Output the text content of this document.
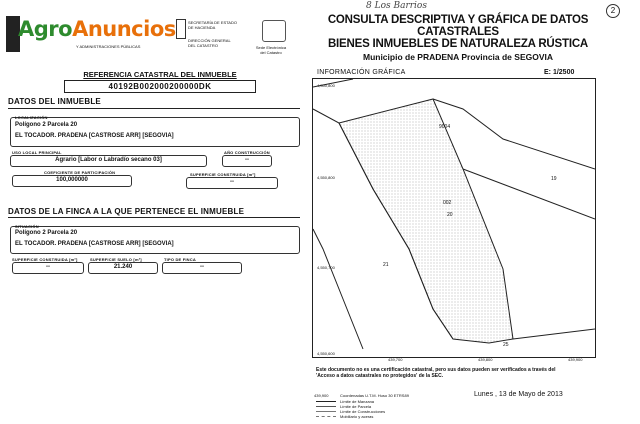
8 Los Barrios	2
AgroAnuncios
Y ADMINISTRACIONES PÚBLICAS
SECRETARÍA DE ESTADO
DE HACIENDA
DIRECCIÓN GENERAL
DEL CATASTRO	Sede Electrónica
del Catastro
CONSULTA DESCRIPTIVA Y GRÁFICA DE DATOS CATASTRALES
BIENES INMUEBLES DE NATURALEZA RÚSTICA
Municipio de PRADENA Provincia de SEGOVIA
REFERENCIA CATASTRAL DEL INMUEBLE
40192B002000200000DK
DATOS DEL INMUEBLE
LOCALIZACIÓN
Polígono 2 Parcela 20
EL TOCADOR. PRADENA [CASTROSE ARR] [SEGOVIA]
USO LOCAL PRINCIPAL
Agrario [Labor o Labradío secano 03]
AÑO CONSTRUCCIÓN
--
COEFICIENTE DE PARTICIPACIÓN
100,000000
SUPERFICIE CONSTRUIDA [m²]
--
DATOS DE LA FINCA A LA QUE PERTENECE EL INMUEBLE
SITUACIÓN
Polígono 2 Parcela 20
EL TOCADOR. PRADENA [CASTROSE ARR] [SEGOVIA]
SUPERFICIE CONSTRUIDA [m²]
--
SUPERFICIE SUELO [m²]
21.240
TIPO DE FINCA
--
INFORMACIÓN GRÁFICA	E: 1/2500
4,550,800
4,550,800
4,550,700
4,550,600
9004
002
20
19
21
25
439,700	439,800	439,900
Este documento no es una certificación catastral, pero sus datos pueden ser verificados a través del
'Acceso a datos catastrales no protegidos' de la SEC.
Lunes , 13 de Mayo de 2013
439,900	Coordenadas U.T.M. Huso 30 ETRS89
Límite de Manzana
Límite de Parcela
Límite de Construcciones
Mobiliario y aceras
